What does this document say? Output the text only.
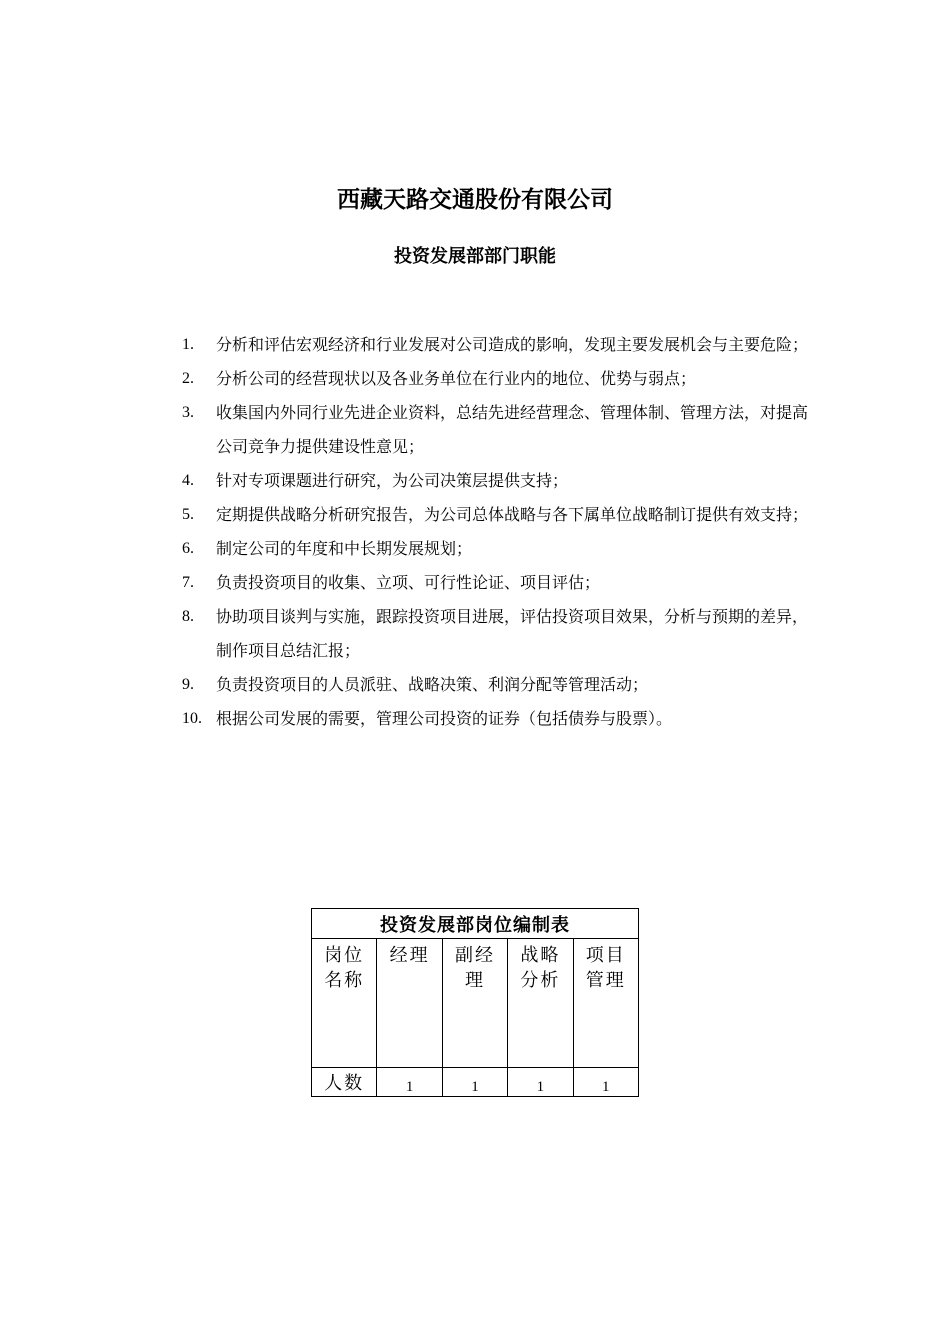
西藏天路交通股份有限公司
投资发展部部门职能
1. 分析和评估宏观经济和行业发展对公司造成的影响，发现主要发展机会与主要危险；
2. 分析公司的经营现状以及各业务单位在行业内的地位、优势与弱点；
3. 收集国内外同行业先进企业资料，总结先进经营理念、管理体制、管理方法，对提高公司竞争力提供建设性意见；
4. 针对专项课题进行研究，为公司决策层提供支持；
5. 定期提供战略分析研究报告，为公司总体战略与各下属单位战略制订提供有效支持；
6. 制定公司的年度和中长期发展规划；
7. 负责投资项目的收集、立项、可行性论证、项目评估；
8. 协助项目谈判与实施，跟踪投资项目进展，评估投资项目效果，分析与预期的差异，制作项目总结汇报；
9. 负责投资项目的人员派驻、战略决策、利润分配等管理活动；
10. 根据公司发展的需要，管理公司投资的证券（包括债券与股票）。
投资发展部岗位编制表				
岗位名称	经理	副经理	战略分析	项目管理
人数	1	1	1	1
